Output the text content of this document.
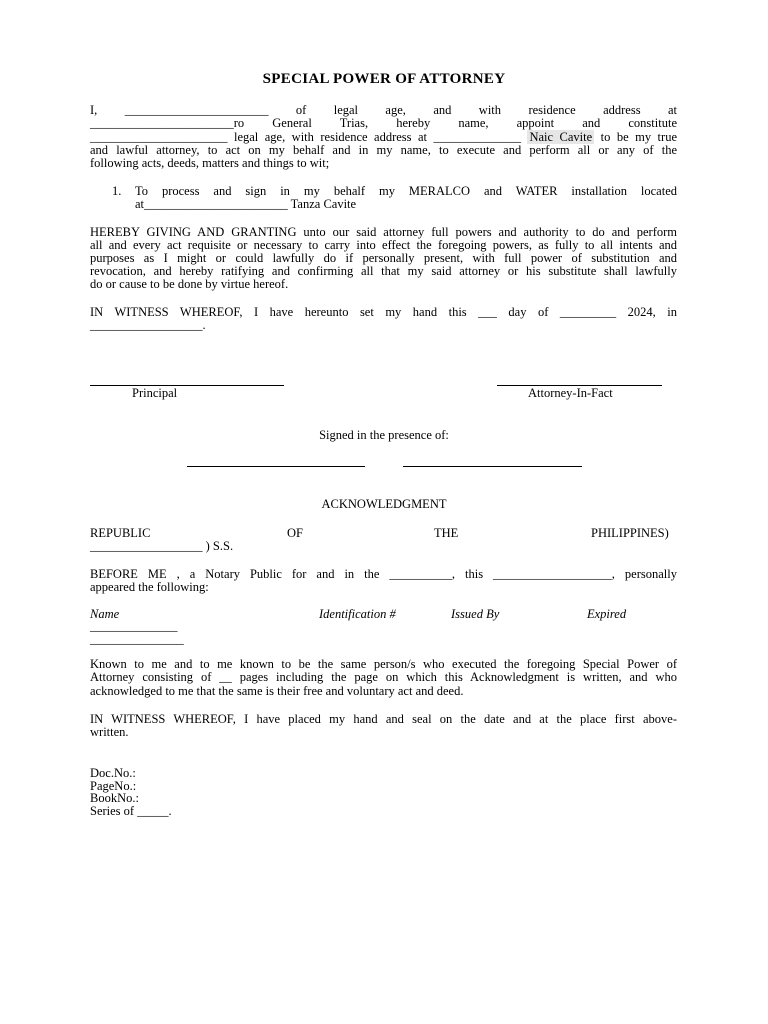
SPECIAL POWER OF ATTORNEY
I, _______________________ of legal age, and with residence address at
_______________________ro General Trias, hereby name, appoint and constitute
______________________ legal age, with residence address at ______________ Naic Cavite to be my true
and lawful attorney, to act on my behalf and in my name, to execute and perform all or any of the
following acts, deeds, matters and things to wit;
1. To process and sign in my behalf my MERALCO and WATER installation located
at_______________________ Tanza Cavite
HEREBY GIVING AND GRANTING unto our said attorney full powers and authority to do and perform
all and every act requisite or necessary to carry into effect the foregoing powers, as fully to all intents and
purposes as I might or could lawfully do if personally present, with full power of substitution and
revocation, and hereby ratifying and confirming all that my said attorney or his substitute shall lawfully
do or cause to be done by virtue hereof.
IN WITNESS WHEREOF, I have hereunto set my hand this ___ day of _________ 2024, in
__________________.
Principal	Attorney-In-Fact
Signed in the presence of:
ACKNOWLEDGMENT
REPUBLIC	OF	THE	PHILIPPINES)
__________________ ) S.S.
BEFORE ME , a Notary Public for and in the __________, this ___________________, personally
appeared the following:
Name	Identification #	Issued By	Expired
______________
_______________
Known to me and to me known to be the same person/s who executed the foregoing Special Power of
Attorney consisting of __ pages including the page on which this Acknowledgment is written, and who
acknowledged to me that the same is their free and voluntary act and deed.
IN WITNESS WHEREOF, I have placed my hand and seal on the date and at the place first above-
written.
Doc.No.:
PageNo.:
BookNo.:
Series of _____.
